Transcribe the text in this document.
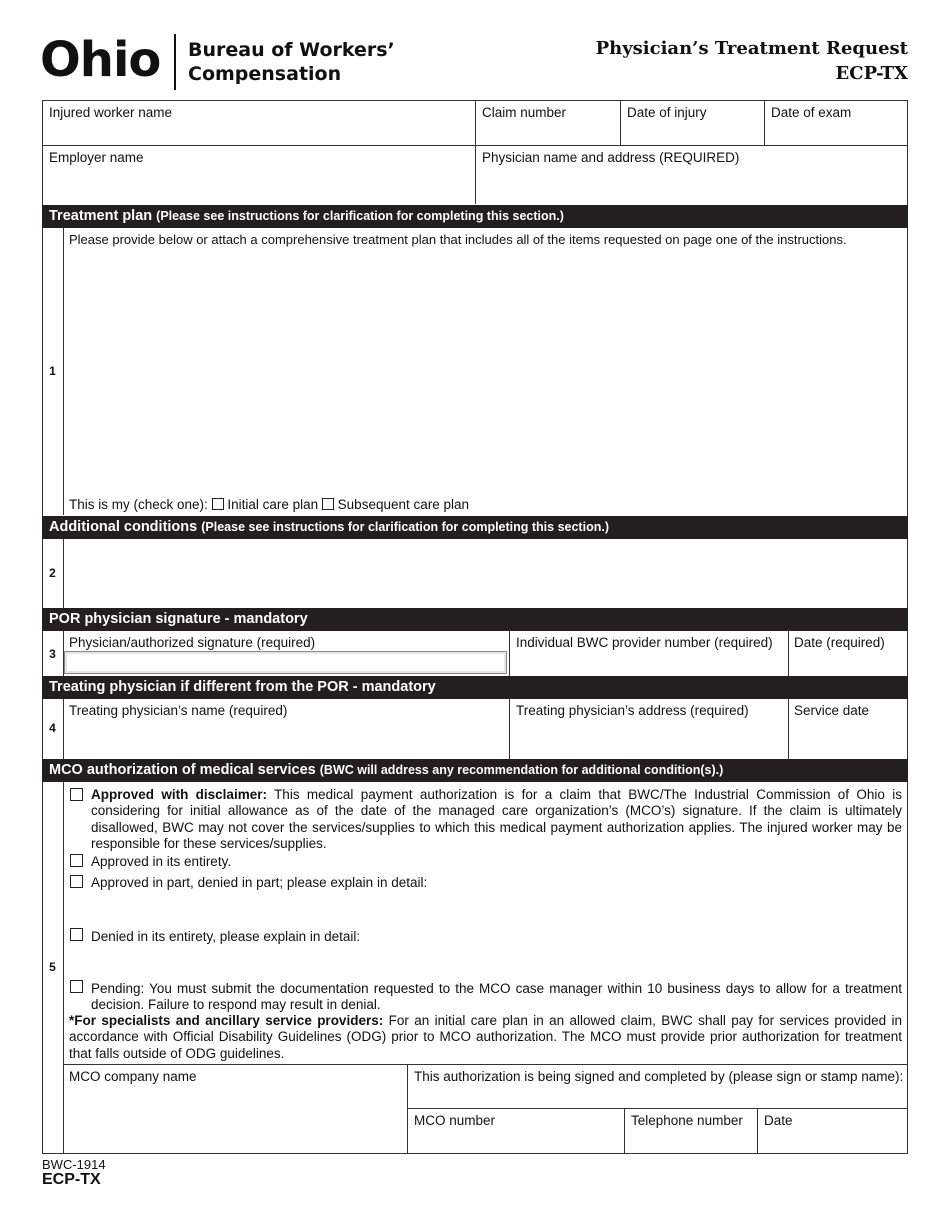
Ohio Bureau of Workers’
Compensation
Physician’s Treatment Request
ECP-TX
Injured worker name	Claim number	Date of injury	Date of exam
Employer name	Physician name and address (REQUIRED)
Treatment plan (Please see instructions for clarification for completing this section.)
1
Please provide below or attach a comprehensive treatment plan that includes all of the items requested on page one of the instructions.
This is my (check one): Initial care plan Subsequent care plan
Additional conditions (Please see instructions for clarification for completing this section.)
2
POR physician signature - mandatory
3
Physician/authorized signature (required)	Individual BWC provider number (required) Date (required)
Treating physician if different from the POR - mandatory
4
Treating physician’s name (required)	Treating physician’s address (required)	Service date
MCO authorization of medical services (BWC will address any recommendation for additional condition(s).)
5
Approved with disclaimer: This medical payment authorization is for a claim that BWC/The Industrial Commission of Ohio is considering for initial allowance as of the date of the managed care organization’s (MCO’s) signature. If the claim is ultimately disallowed, BWC may not cover the services/supplies to which this medical payment authorization applies. The injured worker may be responsible for these services/supplies.
Approved in its entirety.
Approved in part, denied in part; please explain in detail:
Denied in its entirety, please explain in detail:
Pending: You must submit the documentation requested to the MCO case manager within 10 business days to allow for a treatment decision. Failure to respond may result in denial.
*For specialists and ancillary service providers: For an initial care plan in an allowed claim, BWC shall pay for services provided in accordance with Official Disability Guidelines (ODG) prior to MCO authorization. The MCO must provide prior authorization for treatment that falls outside of ODG guidelines.
MCO company name	This authorization is being signed and completed by (please sign or stamp name):
MCO number	Telephone number Date
BWC-1914
ECP-TX
